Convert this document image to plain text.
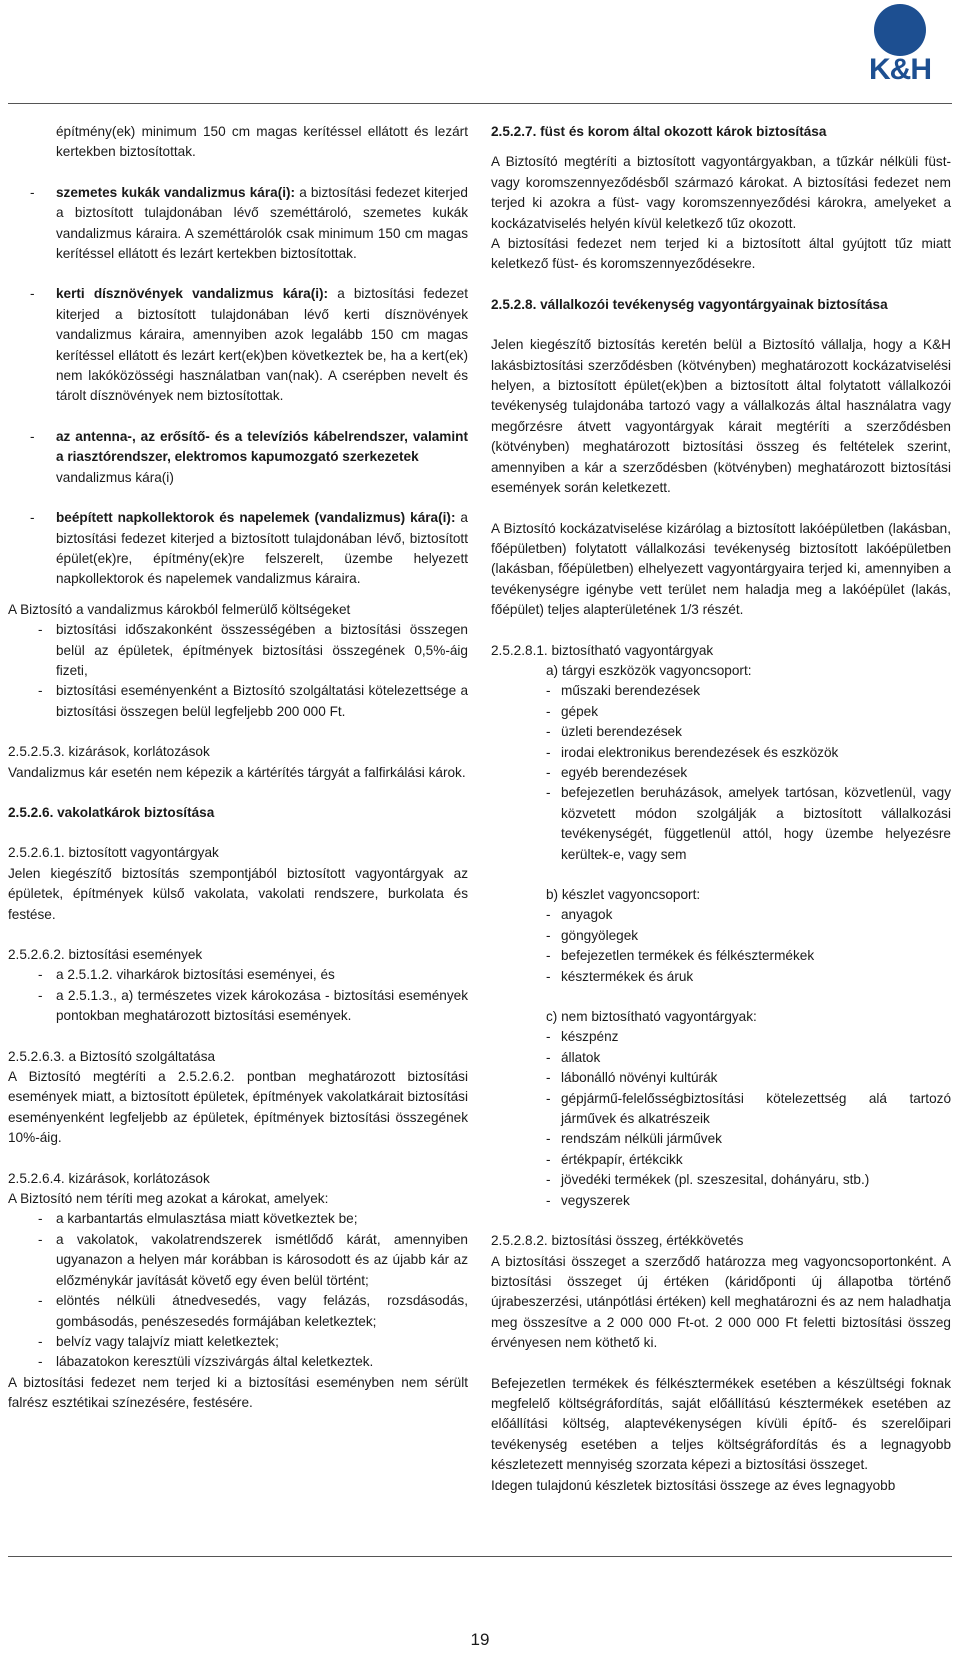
K&H

építmény(ek) minimum 150 cm magas kerítéssel ellátott és lezárt kertekben biztosítottak.

- szemetes kukák vandalizmus kára(i): a biztosítási fedezet kiterjed a biztosított tulajdonában lévő szeméttároló, szemetes kukák vandalizmus káraira. A szeméttárolók csak minimum 150 cm magas kerítéssel ellátott és lezárt kertekben biztosítottak.
- kerti dísznövények vandalizmus kára(i): a biztosítási fedezet kiterjed a biztosított tulajdonában lévő kerti dísznövények vandalizmus káraira, amennyiben azok legalább 150 cm magas kerítéssel ellátott és lezárt kert(ek)ben következtek be, ha a kert(ek) nem lakóközösségi használatban van(nak). A cserépben nevelt és tárolt dísznövények nem biztosítottak.
- az antenna-, az erősítő- és a televíziós kábelrendszer, valamint a riasztórendszer, elektromos kapumozgató szerkezetek
vandalizmus kára(i)
- beépített napkollektorok és napelemek (vandalizmus) kára(i): a biztosítási fedezet kiterjed a biztosított tulajdonában lévő, biztosított épület(ek)re, építmény(ek)re felszerelt, üzembe helyezett napkollektorok és napelemek vandalizmus káraira.

A Biztosító a vandalizmus károkból felmerülő költségeket

- biztosítási időszakonként összességében a biztosítási összegen belül az épületek, építmények biztosítási összegének 0,5%-áig fizeti,
- biztosítási eseményenként a Biztosító szolgáltatási kötelezettsége a biztosítási összegen belül legfeljebb 200 000 Ft.

2.5.2.5.3. kizárások, korlátozások

Vandalizmus kár esetén nem képezik a kártérítés tárgyát a falfirkálási károk.

2.5.2.6. vakolatkárok biztosítása

2.5.2.6.1. biztosított vagyontárgyak

Jelen kiegészítő biztosítás szempontjából biztosított vagyontárgyak az épületek, építmények külső vakolata, vakolati rendszere, burkolata és festése.

2.5.2.6.2. biztosítási események

- a 2.5.1.2. viharkárok biztosítási eseményei, és
- a 2.5.1.3., a) természetes vizek károkozása - biztosítási események pontokban meghatározott biztosítási események.

2.5.2.6.3. a Biztosító szolgáltatása

A Biztosító megtéríti a 2.5.2.6.2. pontban meghatározott biztosítási események miatt, a biztosított épületek, építmények vakolatkárait biztosítási eseményenként legfeljebb az épületek, építmények biztosítási összegének 10%-áig.

2.5.2.6.4. kizárások, korlátozások

A Biztosító nem téríti meg azokat a károkat, amelyek:

- a karbantartás elmulasztása miatt következtek be;
- a vakolatok, vakolatrendszerek ismétlődő kárát, amennyiben ugyanazon a helyen már korábban is károsodott és az újabb kár az előzménykár javítását követő egy éven belül történt;
- elöntés nélküli átnedvesedés, vagy felázás, rozsdásodás, gombásodás, penészesedés formájában keletkeztek;
- belvíz vagy talajvíz miatt keletkeztek;
- lábazatokon keresztüli vízszivárgás által keletkeztek.

A biztosítási fedezet nem terjed ki a biztosítási eseményben nem sérült falrész esztétikai színezésére, festésére.

2.5.2.7. füst és korom által okozott károk biztosítása

A Biztosító megtéríti a biztosított vagyontárgyakban, a tűzkár nélküli füst- vagy koromszennyeződésből származó károkat. A biztosítási fedezet nem terjed ki azokra a füst- vagy koromszennyeződési károkra, amelyeket a kockázatviselés helyén kívül keletkező tűz okozott.

A biztosítási fedezet nem terjed ki a biztosított által gyújtott tűz miatt keletkező füst- és koromszennyeződésekre.

2.5.2.8. vállalkozói tevékenység vagyontárgyainak biztosítása

Jelen kiegészítő biztosítás keretén belül a Biztosító vállalja, hogy a K&H lakásbiztosítási szerződésben (kötvényben) meghatározott kockázatviselési helyen, a biztosított épület(ek)ben a biztosított által folytatott vállalkozói tevékenység tulajdonába tartozó vagy a vállalkozás által használatra vagy megőrzésre átvett vagyontárgyak kárait megtéríti a szerződésben (kötvényben) meghatározott biztosítási összeg és feltételek szerint, amennyiben a kár a szerződésben (kötvényben) meghatározott biztosítási események során keletkezett.

A Biztosító kockázatviselése kizárólag a biztosított lakóépületben (lakásban, főépületben) folytatott vállalkozási tevékenység biztosított lakóépületben (lakásban, főépületben) elhelyezett vagyontárgyaira terjed ki, amennyiben a tevékenységre igénybe vett terület nem haladja meg a lakóépület (lakás, főépület) teljes alapterületének 1/3 részét.

2.5.2.8.1. biztosítható vagyontárgyak

a) tárgyi eszközök vagyoncsoport:
- műszaki berendezések
- gépek
- üzleti berendezések
- irodai elektronikus berendezések és eszközök
- egyéb berendezések
- befejezetlen beruházások, amelyek tartósan, közvetlenül, vagy közvetett módon szolgálják a biztosított vállalkozási tevékenységét, függetlenül attól, hogy üzembe helyezésre kerültek-e, vagy sem
b) készlet vagyoncsoport:
- anyagok
- göngyölegek
- befejezetlen termékek és félkésztermékek
- késztermékek és áruk
c) nem biztosítható vagyontárgyak:
- készpénz
- állatok
- lábonálló növényi kultúrák
- gépjármű-felelősségbiztosítási kötelezettség alá tartozó járművek és alkatrészeik
- rendszám nélküli járművek
- értékpapír, értékcikk
- jövedéki termékek (pl. szeszesital, dohányáru, stb.)
- vegyszerek

2.5.2.8.2. biztosítási összeg, értékkövetés

A biztosítási összeget a szerződő határozza meg vagyoncsoportonként. A biztosítási összeget új értéken (káridőponti új állapotba történő újrabeszerzési, utánpótlási értéken) kell meghatározni és az nem haladhatja meg összesítve a 2 000 000 Ft-ot. 2 000 000 Ft feletti biztosítási összeg érvényesen nem köthető ki.

Befejezetlen termékek és félkésztermékek esetében a készültségi foknak megfelelő költségráfordítás, saját előállítású késztermékek esetében az előállítási költség, alaptevékenységen kívüli építő- és szerelőipari tevékenység esetében a teljes költségráfordítás és a legnagyobb készletezett mennyiség szorzata képezi a biztosítási összeget.

Idegen tulajdonú készletek biztosítási összege az éves legnagyobb

19
